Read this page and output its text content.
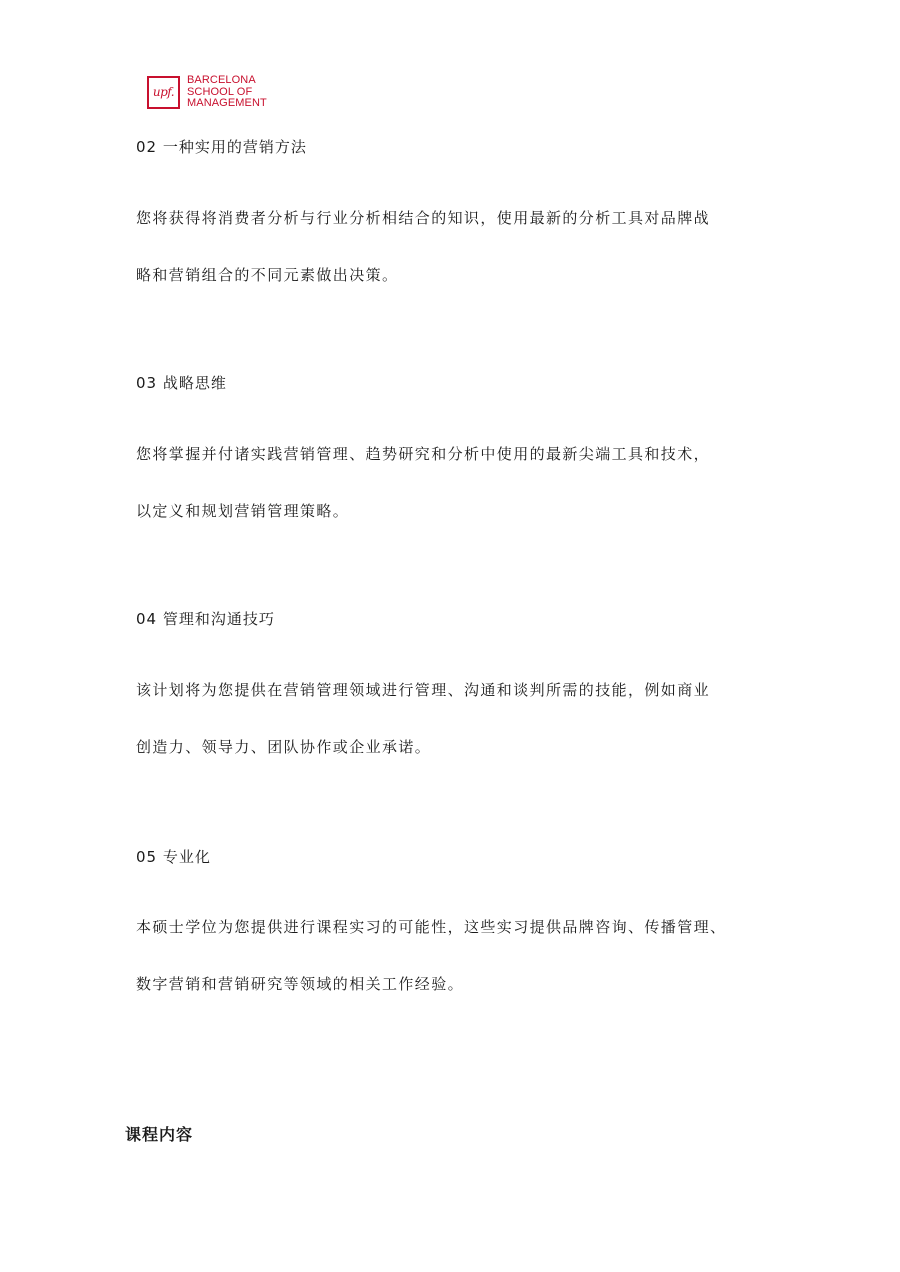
upf.
BARCELONA
SCHOOL OF
MANAGEMENT
02 一种实用的营销方法
您将获得将消费者分析与行业分析相结合的知识，使用最新的分析工具对品牌战
略和营销组合的不同元素做出决策。
03 战略思维
您将掌握并付诸实践营销管理、趋势研究和分析中使用的最新尖端工具和技术，
以定义和规划营销管理策略。
04 管理和沟通技巧
该计划将为您提供在营销管理领域进行管理、沟通和谈判所需的技能，例如商业
创造力、领导力、团队协作或企业承诺。
05 专业化
本硕士学位为您提供进行课程实习的可能性，这些实习提供品牌咨询、传播管理、
数字营销和营销研究等领域的相关工作经验。
课程内容
